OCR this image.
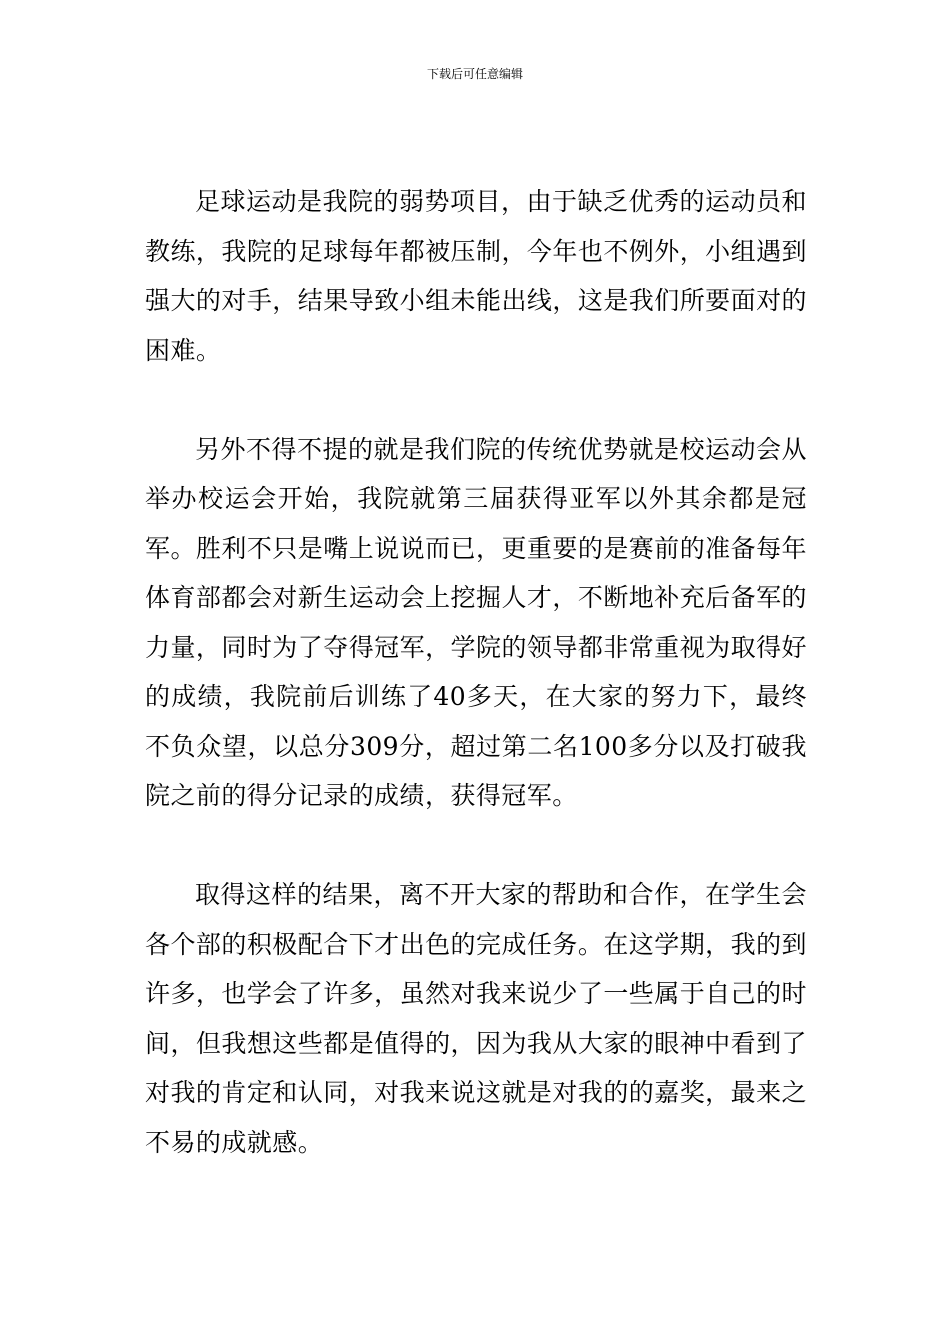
下载后可任意编辑

足球运动是我院的弱势项目，由于缺乏优秀的运动员和教练，我院的足球每年都被压制，今年也不例外，小组遇到强大的对手，结果导致小组未能出线，这是我们所要面对的困难。

另外不得不提的就是我们院的传统优势就是校运动会从举办校运会开始，我院就第三届获得亚军以外其余都是冠军。胜利不只是嘴上说说而已，更重要的是赛前的准备每年体育部都会对新生运动会上挖掘人才，不断地补充后备军的力量，同时为了夺得冠军，学院的领导都非常重视为取得好的成绩，我院前后训练了40多天，在大家的努力下，最终不负众望，以总分309分，超过第二名100多分以及打破我院之前的得分记录的成绩，获得冠军。

取得这样的结果，离不开大家的帮助和合作，在学生会各个部的积极配合下才出色的完成任务。在这学期，我的到许多，也学会了许多，虽然对我来说少了一些属于自己的时间，但我想这些都是值得的，因为我从大家的眼神中看到了对我的肯定和认同，对我来说这就是对我的的嘉奖，最来之不易的成就感。
